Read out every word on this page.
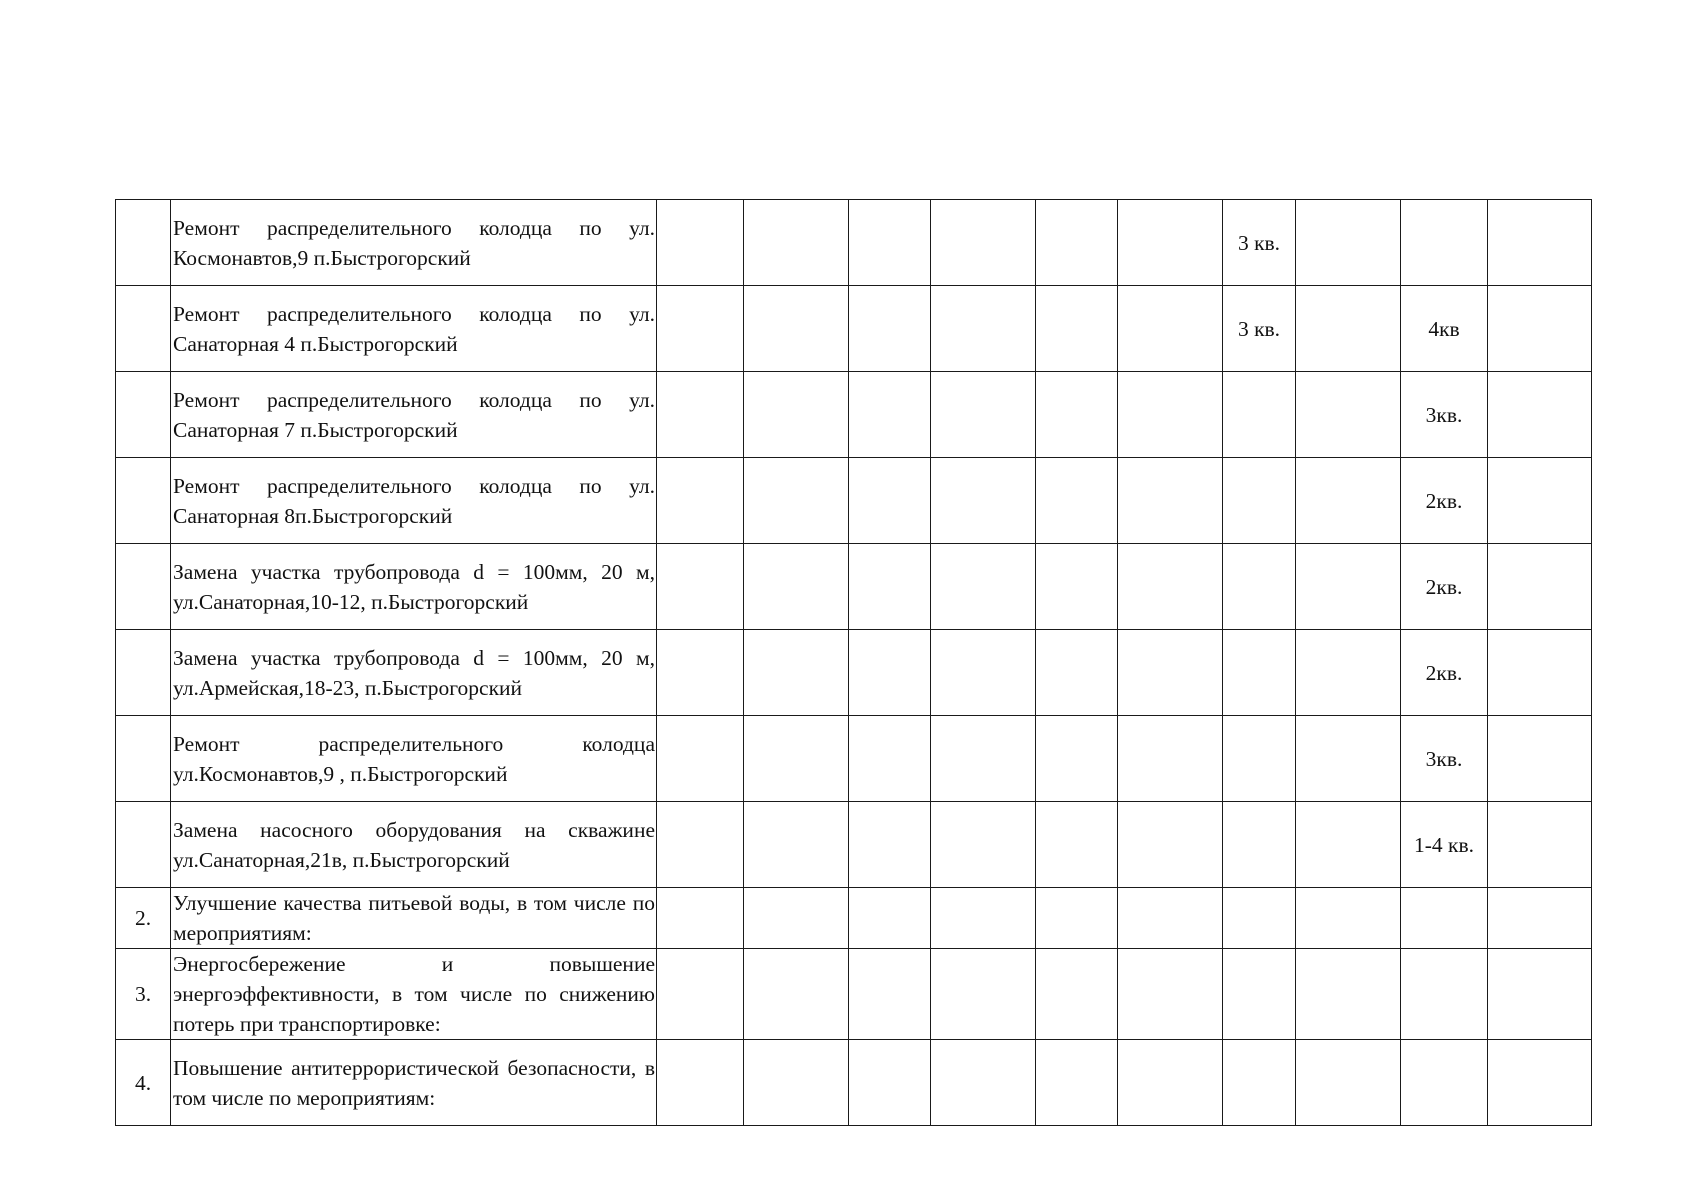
	Ремонт распределительного колодца по ул. Космонавтов,9 п.Быстрогорский							3 кв.			

	Ремонт распределительного колодца по ул. Санаторная 4 п.Быстрогорский							3 кв.		4кв	

	Ремонт распределительного колодца по ул. Санаторная 7 п.Быстрогорский									3кв.	

	Ремонт распределительного колодца по ул. Санаторная 8п.Быстрогорский									2кв.	

	Замена участка трубопровода d = 100мм, 20 м, ул.Санаторная,10-12, п.Быстрогорский									2кв.	

	Замена участка трубопровода d = 100мм, 20 м, ул.Армейская,18-23, п.Быстрогорский									2кв.	

	Ремонт распределительного колодца ул.Космонавтов,9 , п.Быстрогорский									3кв.	

	Замена насосного оборудования на скважине ул.Санаторная,21в, п.Быстрогорский									1-4 кв.	
2.	Улучшение качества питьевой воды, в том числе по мероприятиям:										

3.	Энергосбережение и повышение энергоэффективности, в том числе по снижению потерь при транспортировке:										

4.	Повышение антитеррористической безопасности, в том числе по мероприятиям:										
